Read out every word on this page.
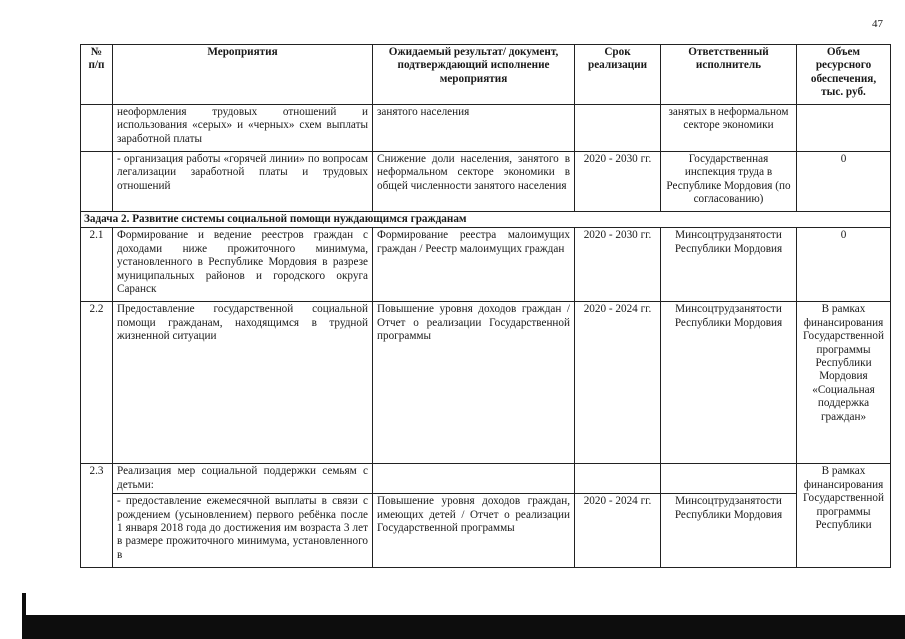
47
№ п/п	Мероприятия	Ожидаемый результат/ документ, подтверждающий исполнение мероприятия	Срок реализации	Ответственный исполнитель	Объем ресурсного обеспечения, тыс. руб.
	неоформления трудовых отношений и использования «серых» и «черных» схем выплаты заработной платы	занятого населения		занятых в неформальном секторе экономики	
	- организация работы «горячей линии» по вопросам легализации заработной платы и трудовых отношений	Снижение доли населения, занятого в неформальном секторе экономики в общей численности занятого населения	2020 - 2030 гг.	Государственная инспекция труда в Республике Мордовия (по согласованию)	0
Задача 2. Развитие системы социальной помощи нуждающимся гражданам					
2.1	Формирование и ведение реестров граждан с доходами ниже прожиточного минимума, установленного в Республике Мордовия в разрезе муниципальных районов и городского округа Саранск	Формирование реестра малоимущих граждан / Реестр малоимущих граждан	2020 - 2030 гг.	Минсоцтрудзанятости Республики Мордовия	0
2.2	Предоставление государственной социальной помощи гражданам, находящимся в трудной жизненной ситуации	Повышение уровня доходов граждан / Отчет о реализации Государственной программы	2020 - 2024 гг.	Минсоцтрудзанятости Республики Мордовия	В рамках финансирования Государственной программы Республики Мордовия «Социальная поддержка граждан»
2.3	Реализация мер социальной поддержки семьям с детьми:				В рамках финансирования Государственной программы Республики
	- предоставление ежемесячной выплаты в связи с рождением (усыновлением) первого ребёнка после 1 января 2018 года до достижения им возраста 3 лет в размере прожиточного минимума, установленного в	Повышение уровня доходов граждан, имеющих детей / Отчет о реализации Государственной программы	2020 - 2024 гг.	Минсоцтрудзанятости Республики Мордовия	
